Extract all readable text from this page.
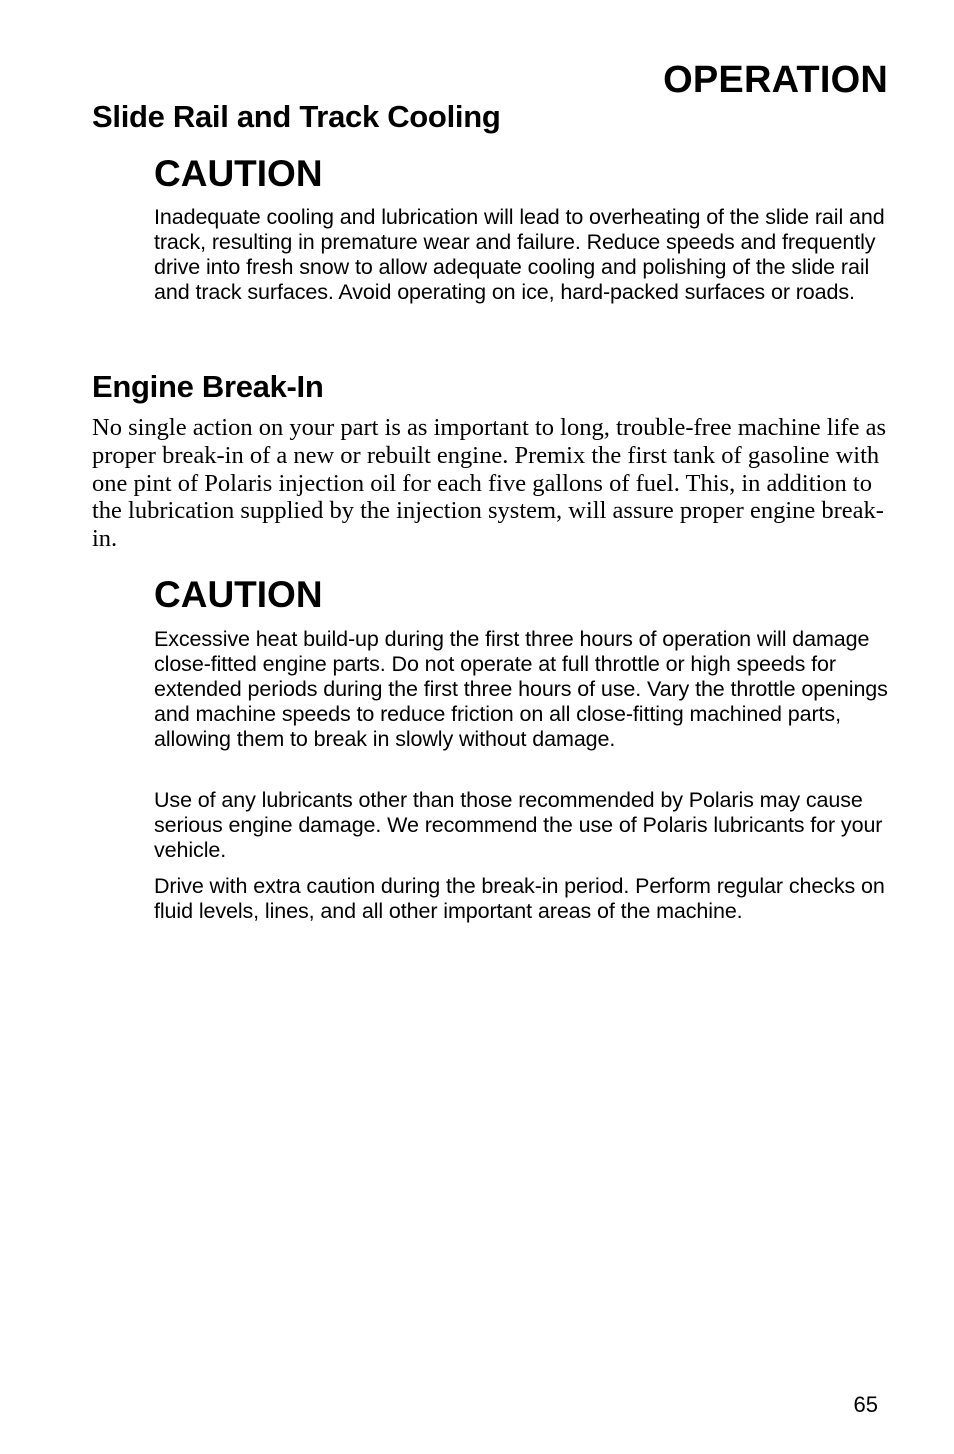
OPERATION
Slide Rail and Track Cooling
CAUTION

Inadequate cooling and lubrication will lead to overheating of the slide rail and track, resulting in premature wear and failure. Reduce speeds and frequently drive into fresh snow to allow adequate cooling and polishing of the slide rail and track surfaces. Avoid operating on ice, hard-packed surfaces or roads.

Engine Break-In

No single action on your part is as important to long, trouble-free machine life as proper break-in of a new or rebuilt engine. Premix the first tank of gasoline with one pint of Polaris injection oil for each five gallons of fuel. This, in addition to the lubrication supplied by the injection system, will assure proper engine break-in.

CAUTION

Excessive heat build-up during the first three hours of operation will damage close-fitted engine parts. Do not operate at full throttle or high speeds for extended periods during the first three hours of use. Vary the throttle openings and machine speeds to reduce friction on all close-fitting machined parts, allowing them to break in slowly without damage.

Use of any lubricants other than those recommended by Polaris may cause serious engine damage. We recommend the use of Polaris lubricants for your vehicle.

Drive with extra caution during the break-in period. Perform regular checks on fluid levels, lines, and all other important areas of the machine.

65
